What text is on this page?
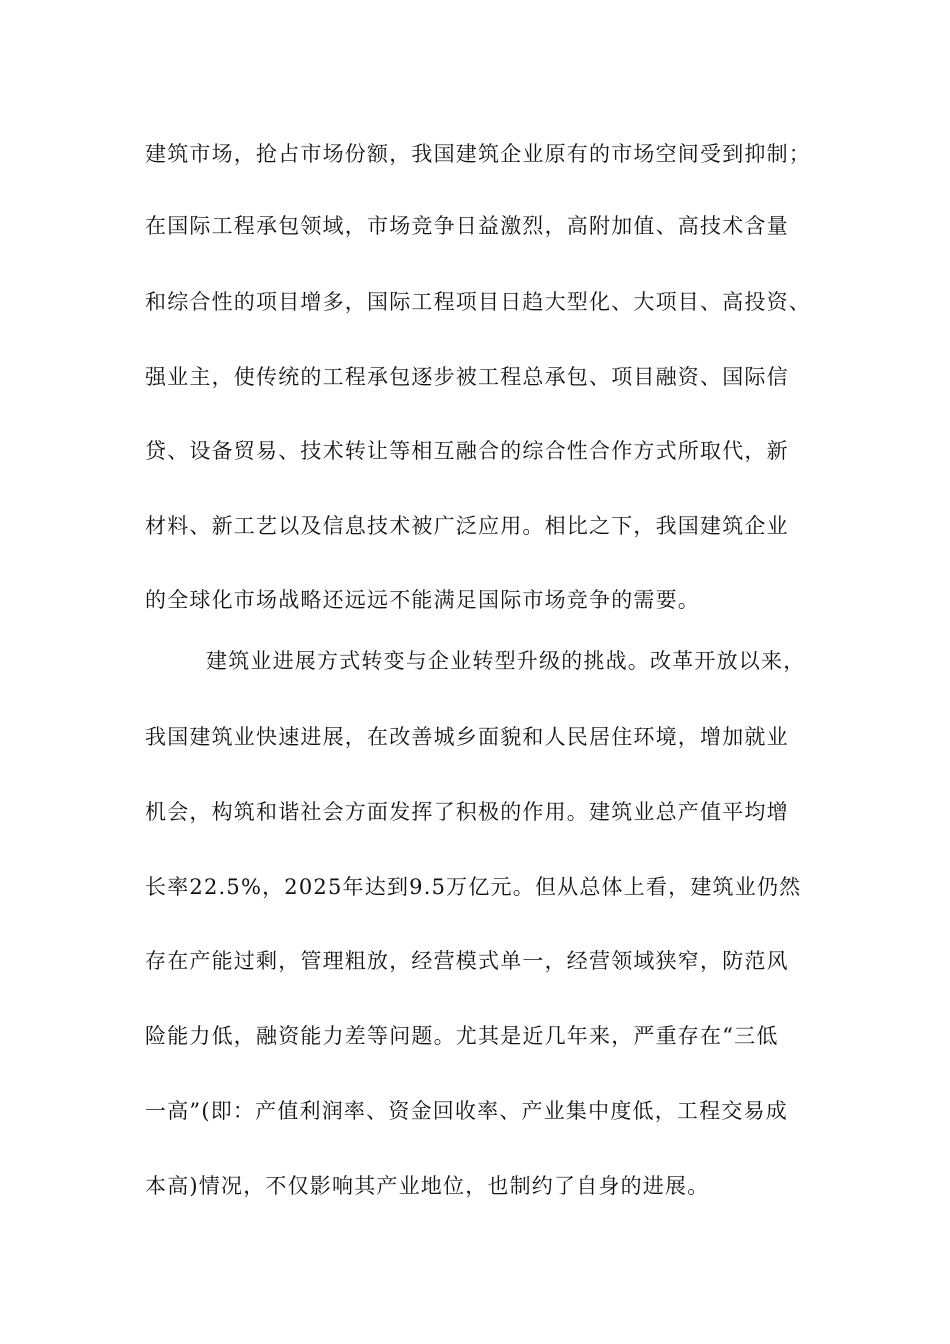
建筑市场，抢占市场份额，我国建筑企业原有的市场空间受到抑制；
在国际工程承包领域，市场竞争日益激烈，高附加值、高技术含量
和综合性的项目增多，国际工程项目日趋大型化、大项目、高投资、
强业主，使传统的工程承包逐步被工程总承包、项目融资、国际信
贷、设备贸易、技术转让等相互融合的综合性合作方式所取代，新
材料、新工艺以及信息技术被广泛应用。相比之下，我国建筑企业
的全球化市场战略还远远不能满足国际市场竞争的需要。
建筑业进展方式转变与企业转型升级的挑战。改革开放以来，
我国建筑业快速进展，在改善城乡面貌和人民居住环境，增加就业
机会，构筑和谐社会方面发挥了积极的作用。建筑业总产值平均增
长率22.5%，2025年达到9.5万亿元。但从总体上看，建筑业仍然
存在产能过剩，管理粗放，经营模式单一，经营领域狭窄，防范风
险能力低，融资能力差等问题。尤其是近几年来，严重存在“三低
一高”(即：产值利润率、资金回收率、产业集中度低，工程交易成
本高)情况，不仅影响其产业地位，也制约了自身的进展。
